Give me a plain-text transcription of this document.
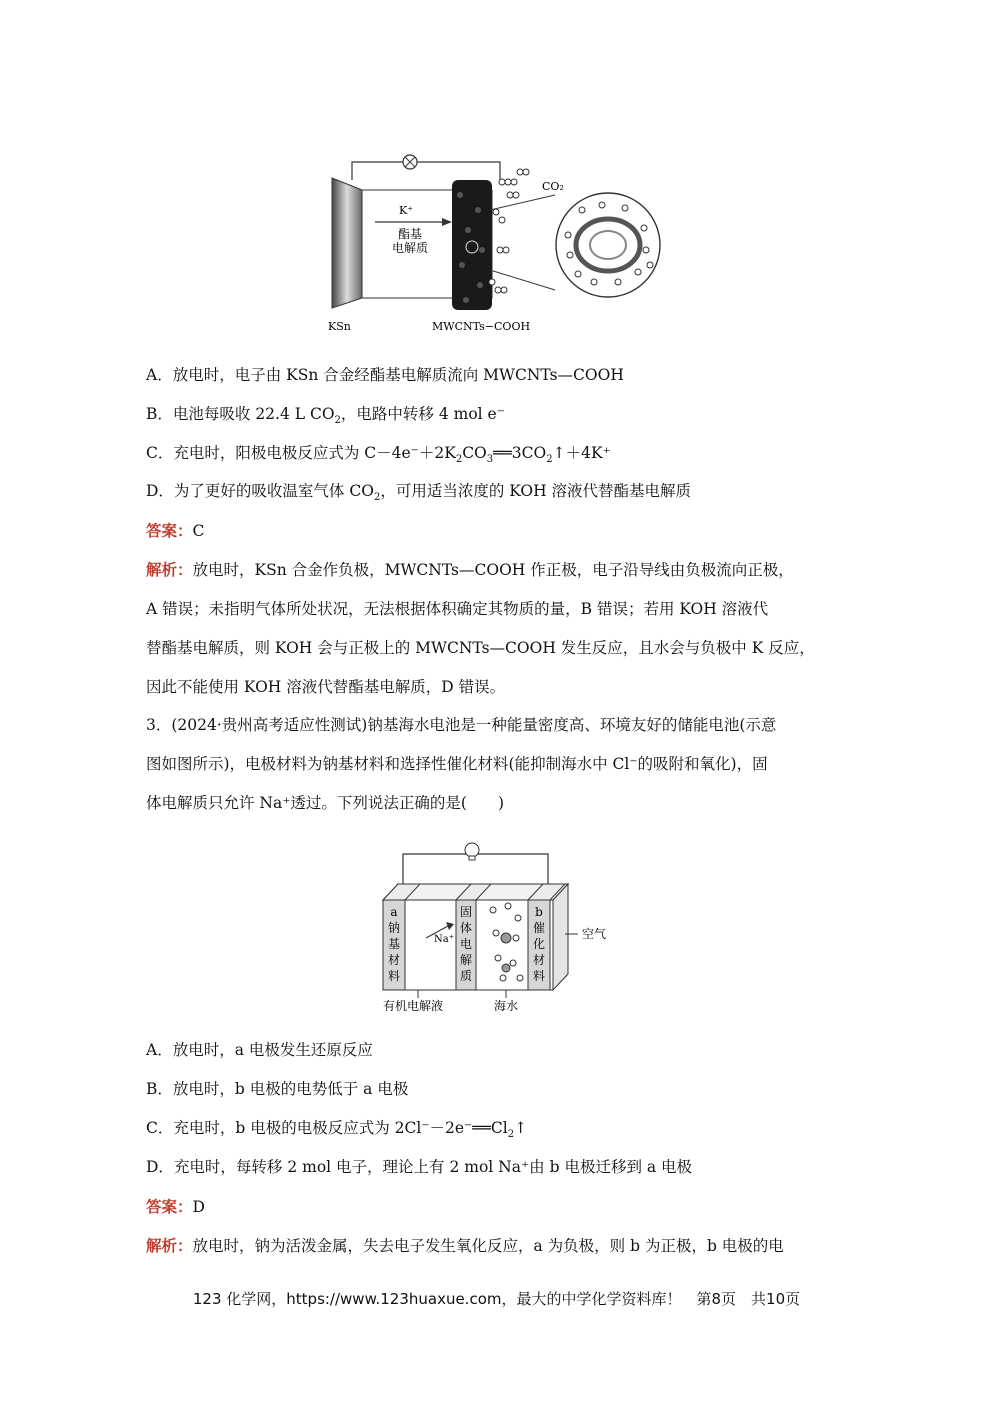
K⁺
酯基
电解质
CO₂
KSn	MWCNTs−COOH
A．放电时，电子由 KSn 合金经酯基电解质流向 MWCNTs—COOH
B．电池每吸收 22.4 L $CO_2$，电路中转移 4 mol e⁻
C．充电时，阳极电极反应式为 $C-4e^-+2K_2CO_3══3CO_2↑+4K^+$
D．为了更好的吸收温室气体 $CO_2$，可用适当浓度的 KOH 溶液代替酯基电解质
答案：C
解析：放电时，KSn 合金作负极，MWCNTs—COOH 作正极，电子沿导线由负极流向正极，
A 错误；未指明气体所处状况，无法根据体积确定其物质的量，B 错误；若用 KOH 溶液代
替酯基电解质，则 KOH 会与正极上的 MWCNTs—COOH 发生反应，且水会与负极中 K 反应，
因此不能使用 KOH 溶液代替酯基电解质，D 错误。
3．(2024·贵州高考适应性测试)钠基海水电池是一种能量密度高、环境友好的储能电池(示意
图如图所示)，电极材料为钠基材料和选择性催化材料(能抑制海水中 Cl⁻的吸附和氧化)，固
体电解质只允许 Na⁺透过。下列说法正确的是(　　)
Na⁺
a
钠
基
材
料
固
体
电
解
质
b
催
化
材
料
空气
有机电解液	海水
A．放电时，a 电极发生还原反应
B．放电时，b 电极的电势低于 a 电极
C．充电时，b 电极的电极反应式为 $2Cl^--2e^-══Cl_2↑$
D．充电时，每转移 2 mol 电子，理论上有 2 mol Na⁺由 b 电极迁移到 a 电极
答案：D
解析：放电时，钠为活泼金属，失去电子发生氧化反应，a 为负极，则 b 为正极，b 电极的电
123 化学网，https://www.123huaxue.com，最大的中学化学资料库！　第8页　共10页
